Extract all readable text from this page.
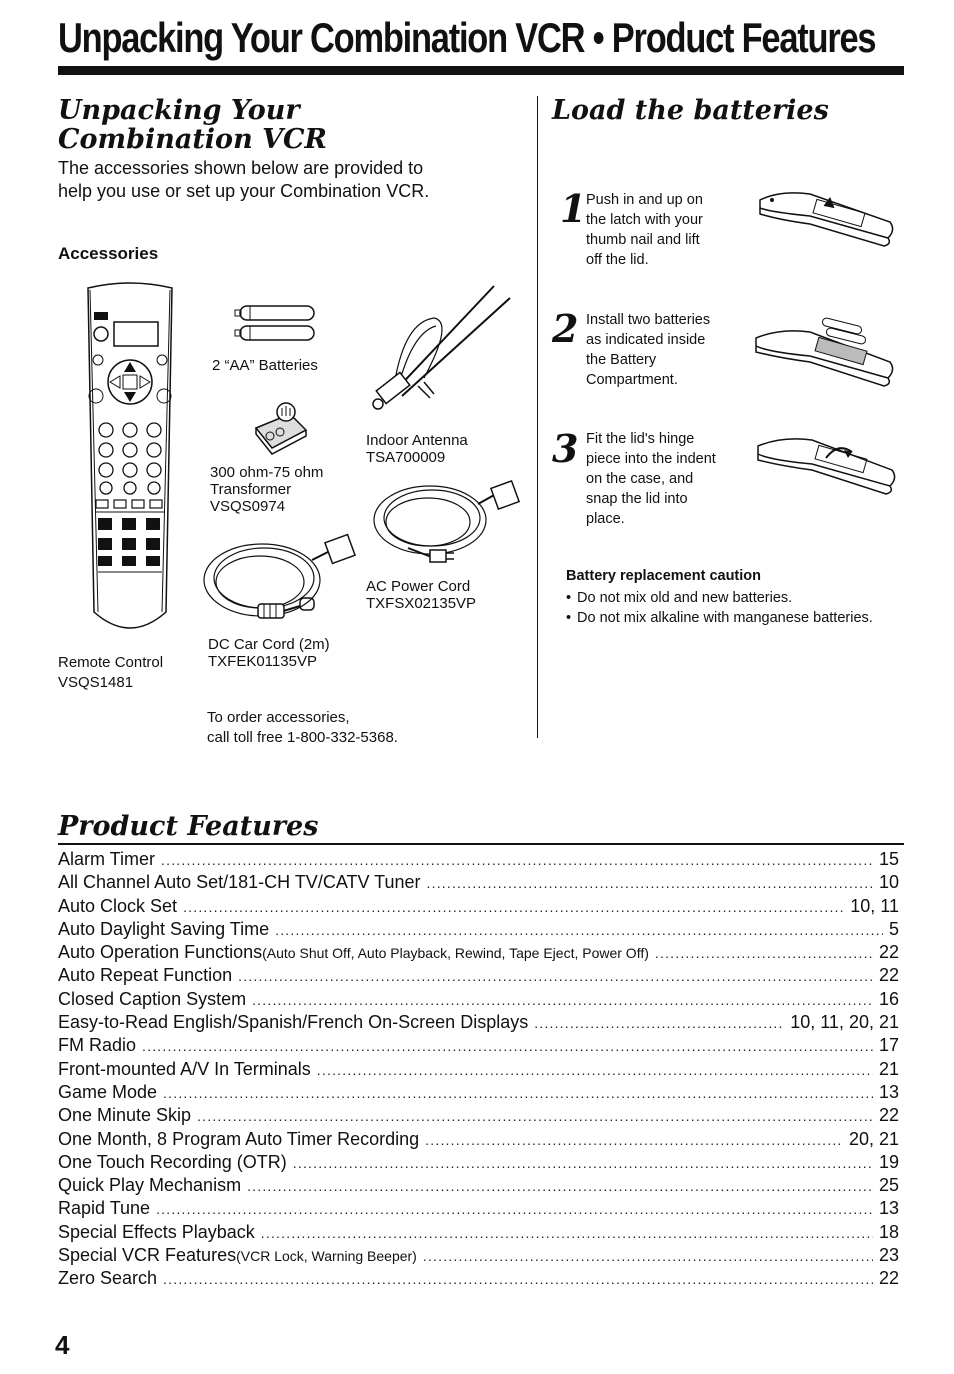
Unpacking Your Combination VCR • Product Features
Unpacking Your
Combination VCR

The accessories shown below are provided to
help you use or set up your Combination VCR.

Accessories

Remote Control
VSQS1481

2 “AA” Batteries

300 ohm-75 ohm
Transformer
VSQS0974

Indoor Antenna
TSA700009

AC Power Cord
TXFSX02135VP

DC Car Cord (2m)
TXFEK01135VP

To order accessories,
call toll free 1-800-332-5368.

Load the batteries
1 Push in and up on
the latch with your
thumb nail and lift
off the lid.

2 Install two batteries
as indicated inside
the Battery
Compartment.

3 Fit the lid's hinge
piece into the indent
on the case, and
snap the lid into
place.

Battery replacement caution
• Do not mix old and new batteries.
• Do not mix alkaline with manganese batteries.
Product Features
Alarm Timer .....	15
All Channel Auto Set/181-CH TV/CATV Tuner .....	10
Auto Clock Set .....	10, 11
Auto Daylight Saving Time .....	5
Auto Operation Functions (Auto Shut Off, Auto Playback, Rewind, Tape Eject, Power Off) .....	22
Auto Repeat Function .....	22
Closed Caption System .....	16
Easy-to-Read English/Spanish/French On-Screen Displays .....	10, 11, 20, 21
FM Radio .....	17
Front-mounted A/V In Terminals .....	21
Game Mode .....	13
One Minute Skip .....	22
One Month, 8 Program Auto Timer Recording .....	20, 21
One Touch Recording (OTR) .....	19
Quick Play Mechanism .....	25
Rapid Tune .....	13
Special Effects Playback .....	18
Special VCR Features (VCR Lock, Warning Beeper) .....	23
Zero Search .....	22

4
